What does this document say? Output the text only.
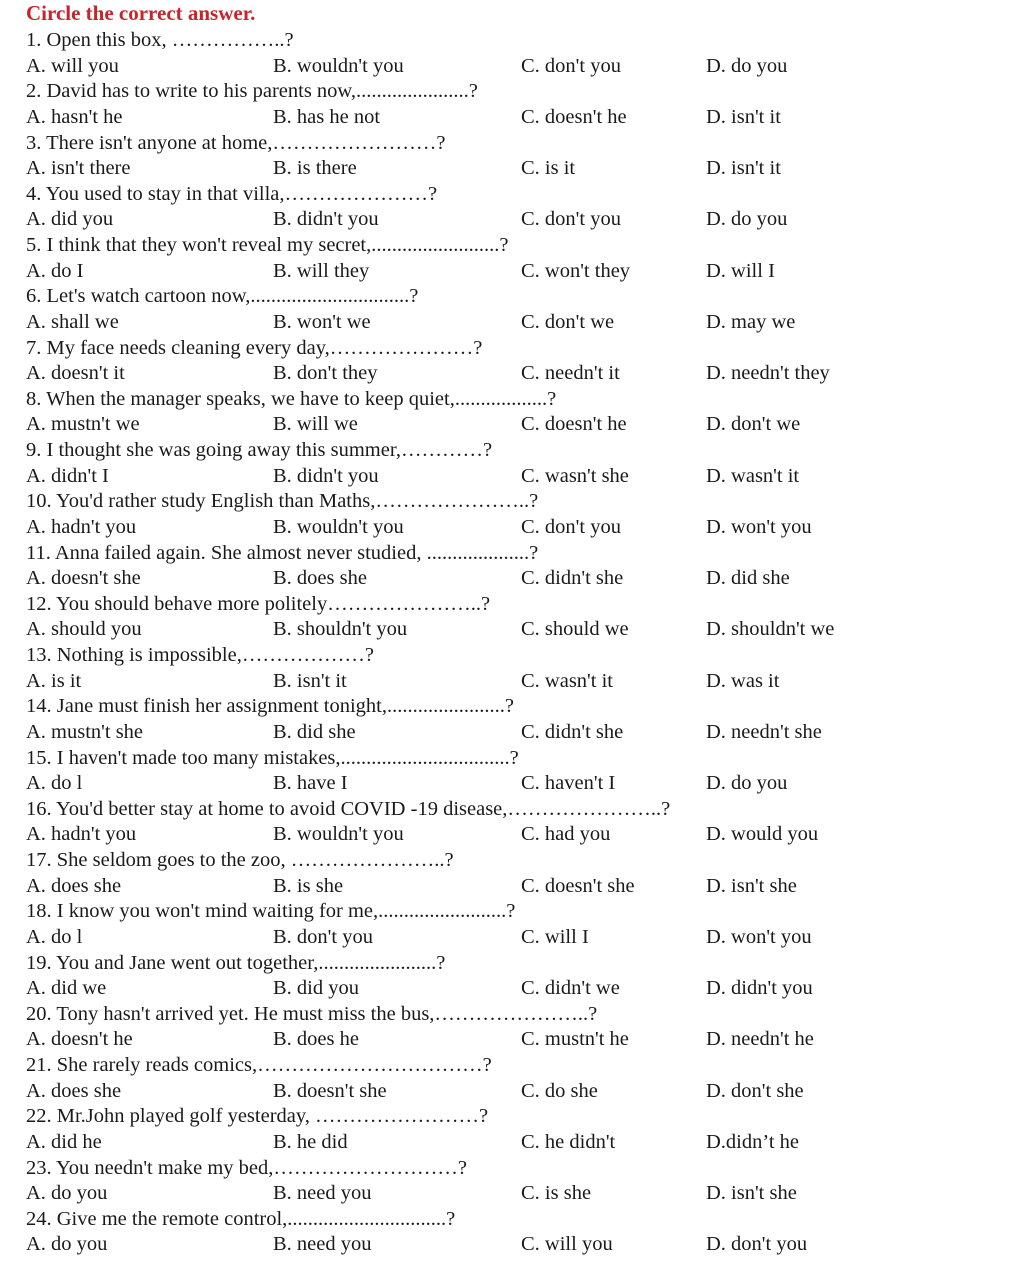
Circle the correct answer.
1. Open this box, ……………..?
A. will you	B. wouldn't you	C. don't you	D. do you
2. David has to write to his parents now,......................?
A. hasn't he	B. has he not	C. doesn't he	D. isn't it
3. There isn't anyone at home,……………………?
A. isn't there	B. is there	C. is it	D. isn't it
4. You used to stay in that villa,…………………?
A. did you	B. didn't you	C. don't you	D. do you
5. I think that they won't reveal my secret,.........................?
A. do I	B. will they	C. won't they	D. will I
6. Let's watch cartoon now,...............................?
A. shall we	B. won't we	C. don't we	D. may we
7. My face needs cleaning every day,…………………?
A. doesn't it	B. don't they	C. needn't it	D. needn't they
8. When the manager speaks, we have to keep quiet,..................?
A. mustn't we	B. will we	C. doesn't he	D. don't we
9. I thought she was going away this summer,…………?
A. didn't I	B. didn't you	C. wasn't she	D. wasn't it
10. You'd rather study English than Maths,…………………..?
A. hadn't you	B. wouldn't you	C. don't you	D. won't you
11. Anna failed again. She almost never studied, ....................?
A. doesn't she	B. does she	C. didn't she	D. did she
12. You should behave more politely…………………..?
A. should you	B. shouldn't you	C. should we	D. shouldn't we
13. Nothing is impossible,………………?
A. is it	B. isn't it	C. wasn't it	D. was it
14. Jane must finish her assignment tonight,.......................?
A. mustn't she	B. did she	C. didn't she	D. needn't she
15. I haven't made too many mistakes,.................................?
A. do l	B. have I	C. haven't I	D. do you
16. You'd better stay at home to avoid COVID -19 disease,…………………..?
A. hadn't you	B. wouldn't you	C. had you	D. would you
17. She seldom goes to the zoo, …………………..?
A. does she	B. is she	C. doesn't she	D. isn't she
18. I know you won't mind waiting for me,.........................?
A. do l	B. don't you	C. will I	D. won't you
19. You and Jane went out together,.......................?
A. did we	B. did you	C. didn't we	D. didn't you
20. Tony hasn't arrived yet. He must miss the bus,…………………..?
A. doesn't he	B. does he	C. mustn't he	D. needn't he
21. She rarely reads comics,……………………………?
A. does she	B. doesn't she	C. do she	D. don't she
22. Mr.John played golf yesterday, ……………………?
A. did he	B. he did	C. he didn't	D.didn’t he
23. You needn't make my bed,………………………?
A. do you	B. need you	C. is she	D. isn't she
24. Give me the remote control,...............................?
A. do you	B. need you	C. will you	D. don't you
